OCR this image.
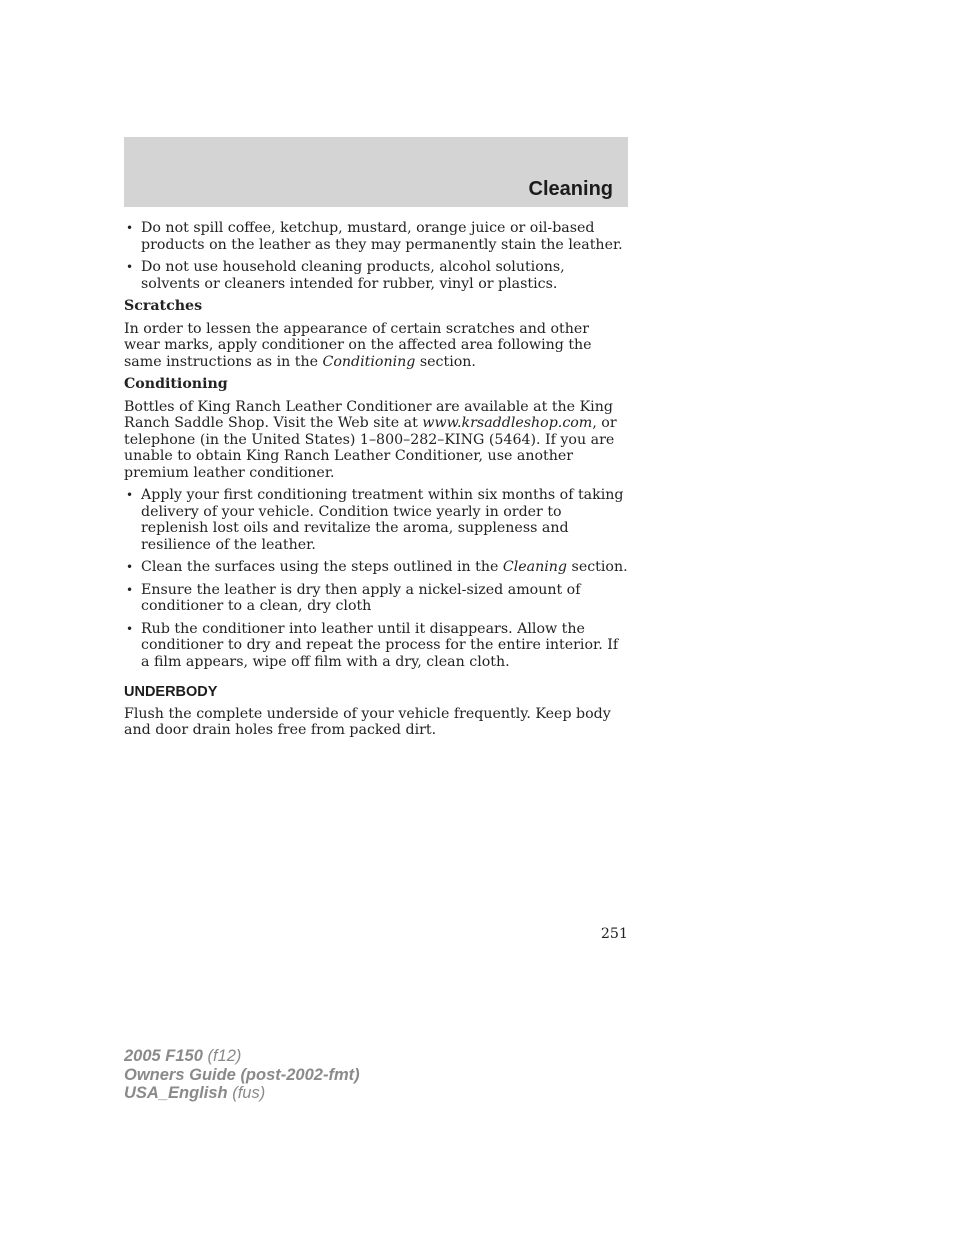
Cleaning
• Do not spill coffee, ketchup, mustard, orange juice or oil-based products on the leather as they may permanently stain the leather.
• Do not use household cleaning products, alcohol solutions, solvents or cleaners intended for rubber, vinyl or plastics.
Scratches

In order to lessen the appearance of certain scratches and other wear marks, apply conditioner on the affected area following the same instructions as in the Conditioning section.

Conditioning

Bottles of King Ranch Leather Conditioner are available at the King Ranch Saddle Shop. Visit the Web site at www.krsaddleshop.com, or telephone (in the United States) 1–800–282–KING (5464). If you are unable to obtain King Ranch Leather Conditioner, use another premium leather conditioner.

• Apply your first conditioning treatment within six months of taking delivery of your vehicle. Condition twice yearly in order to replenish lost oils and revitalize the aroma, suppleness and resilience of the leather.
• Clean the surfaces using the steps outlined in the Cleaning section.
• Ensure the leather is dry then apply a nickel-sized amount of conditioner to a clean, dry cloth
• Rub the conditioner into leather until it disappears. Allow the conditioner to dry and repeat the process for the entire interior. If a film appears, wipe off film with a dry, clean cloth.
UNDERBODY

Flush the complete underside of your vehicle frequently. Keep body and door drain holes free from packed dirt.

251
2005 F150 (f12)
Owners Guide (post-2002-fmt)
USA_English (fus)
